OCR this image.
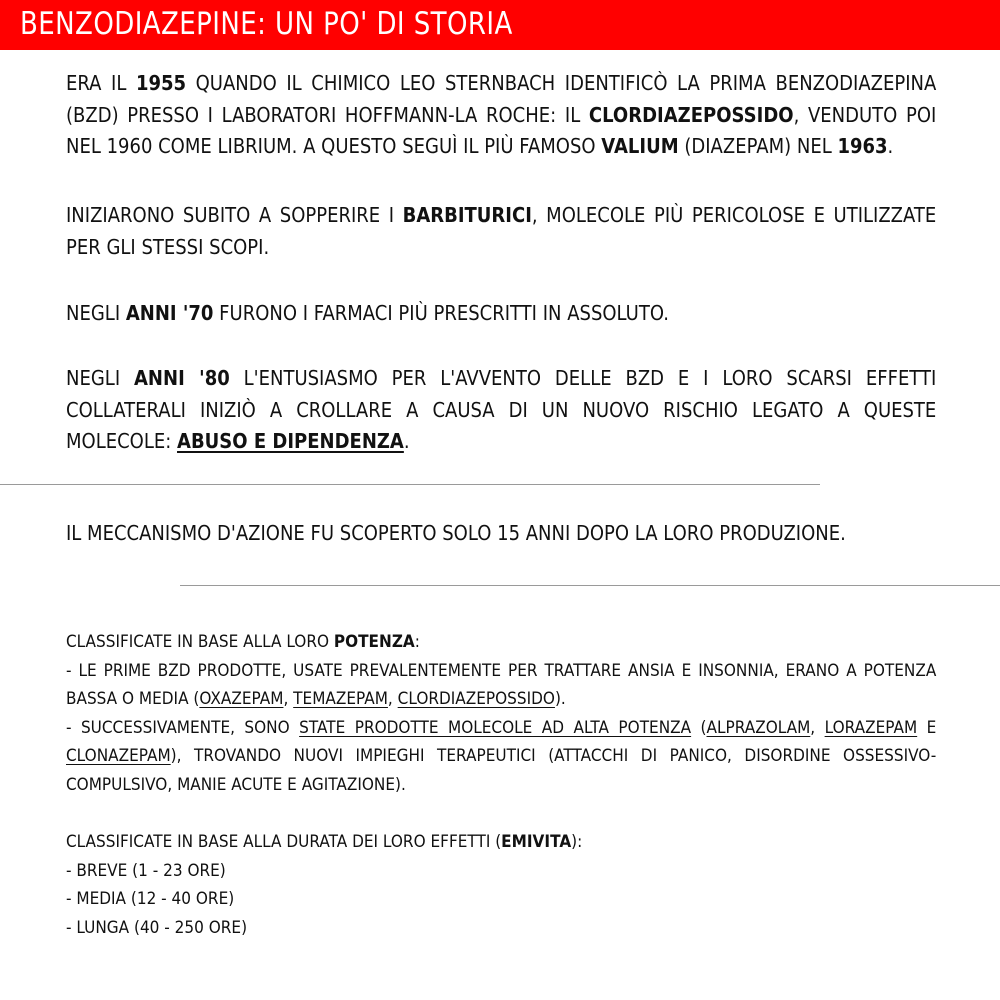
BENZODIAZEPINE: UN PO' DI STORIA
ERA IL 1955 QUANDO IL CHIMICO LEO STERNBACH IDENTIFICÒ LA PRIMA BENZODIAZEPINA (BZD) PRESSO I LABORATORI HOFFMANN-LA ROCHE: IL CLORDIAZEPOSSIDO, VENDUTO POI NEL 1960 COME LIBRIUM. A QUESTO SEGUÌ IL PIÙ FAMOSO VALIUM (DIAZEPAM) NEL 1963.
INIZIARONO SUBITO A SOPPERIRE I BARBITURICI, MOLECOLE PIÙ PERICOLOSE E UTILIZZATE PER GLI STESSI SCOPI.
NEGLI ANNI '70 FURONO I FARMACI PIÙ PRESCRITTI IN ASSOLUTO.
NEGLI ANNI '80 L'ENTUSIASMO PER L'AVVENTO DELLE BZD E I LORO SCARSI EFFETTI COLLATERALI INIZIÒ A CROLLARE A CAUSA DI UN NUOVO RISCHIO LEGATO A QUESTE MOLECOLE: ABUSO E DIPENDENZA.
IL MECCANISMO D'AZIONE FU SCOPERTO SOLO 15 ANNI DOPO LA LORO PRODUZIONE.
CLASSIFICATE IN BASE ALLA LORO POTENZA:
- LE PRIME BZD PRODOTTE, USATE PREVALENTEMENTE PER TRATTARE ANSIA E INSONNIA, ERANO A POTENZA BASSA O MEDIA (OXAZEPAM, TEMAZEPAM, CLORDIAZEPOSSIDO).
- SUCCESSIVAMENTE, SONO STATE PRODOTTE MOLECOLE AD ALTA POTENZA (ALPRAZOLAM, LORAZEPAM E CLONAZEPAM), TROVANDO NUOVI IMPIEGHI TERAPEUTICI (ATTACCHI DI PANICO, DISORDINE OSSESSIVO-COMPULSIVO, MANIE ACUTE E AGITAZIONE).
CLASSIFICATE IN BASE ALLA DURATA DEI LORO EFFETTI (EMIVITA):
- BREVE (1 - 23 ORE)
- MEDIA (12 - 40 ORE)
- LUNGA (40 - 250 ORE)
